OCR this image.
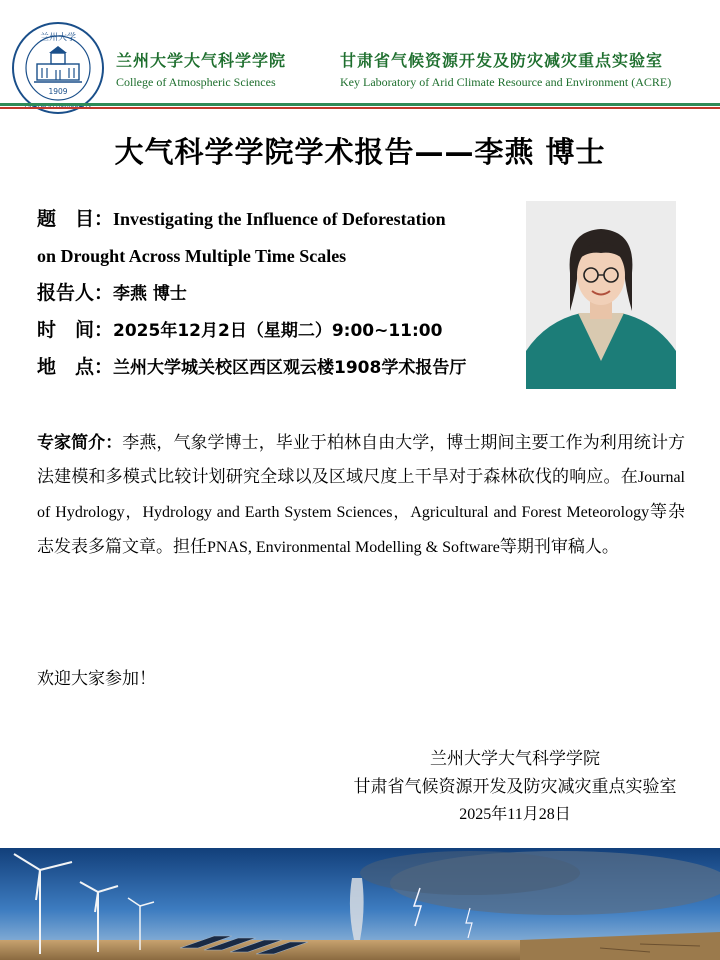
兰州大学
1909
兰州大学大气科学学院
College of Atmospheric Sciences
甘肃省气候资源开发及防灾减灾重点实验室
Key Laboratory of Arid Climate Resource and Environment (ACRE)
大气科学学院学术报告——李燕 博士
题　目：Investigating the Influence of Deforestation
on Drought Across Multiple Time Scales
报告人：李燕 博士
时　间：2025年12月2日（星期二）9:00~11:00
地　点：兰州大学城关校区西区观云楼1908学术报告厅
专家简介：李燕，气象学博士，毕业于柏林自由大学，博士期间主要工作为利用统计方法建模和多模式比较计划研究全球以及区域尺度上干旱对于森林砍伐的响应。在Journal of Hydrology，Hydrology and Earth System Sciences，Agricultural and Forest Meteorology等杂志发表多篇文章。担任PNAS, Environmental Modelling & Software等期刊审稿人。
欢迎大家参加！
兰州大学大气科学学院
甘肃省气候资源开发及防灾减灾重点实验室
2025年11月28日
